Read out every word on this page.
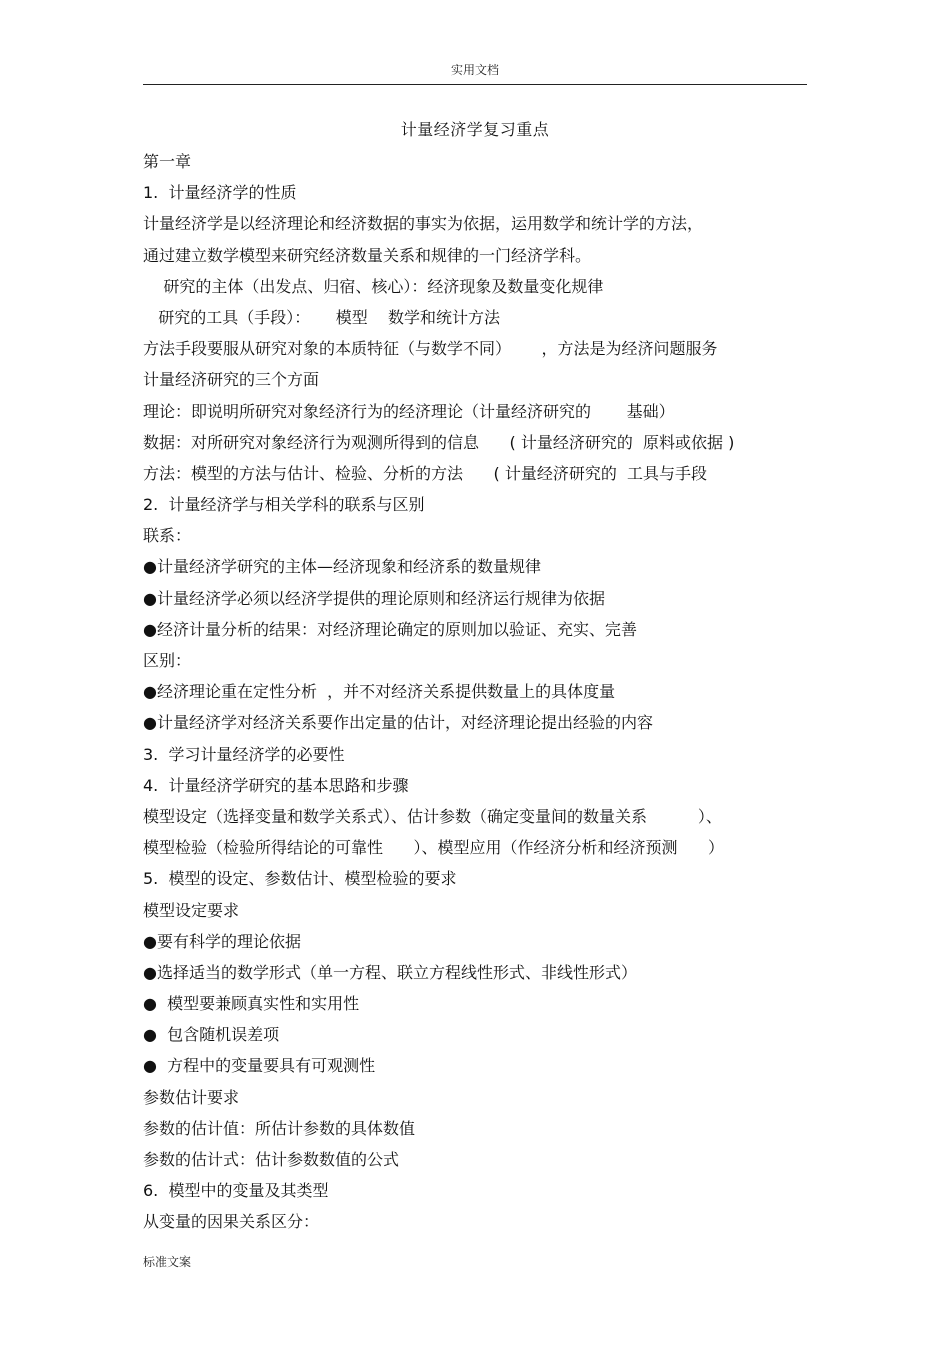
实用文档
计量经济学复习重点
第一章
1.  计量经济学的性质
计量经济学是以经济理论和经济数据的事实为依据，运用数学和统计学的方法，
通过建立数学模型来研究经济数量关系和规律的一门经济学科。
研究的主体（出发点、归宿、核心）：经济现象及数量变化规律
研究的工具（手段）：     模型    数学和统计方法
方法手段要服从研究对象的本质特征（与数学不同）      ，方法是为经济问题服务
计量经济研究的三个方面
理论：即说明所研究对象经济行为的经济理论（计量经济研究的       基础）
数据：对所研究对象经济行为观测所得到的信息      ( 计量经济研究的  原料或依据 )
方法：模型的方法与估计、检验、分析的方法      ( 计量经济研究的  工具与手段
2.  计量经济学与相关学科的联系与区别
联系：
●计量经济学研究的主体—经济现象和经济系的数量规律
●计量经济学必须以经济学提供的理论原则和经济运行规律为依据
●经济计量分析的结果：对经济理论确定的原则加以验证、充实、完善
区别：
●经济理论重在定性分析  ，并不对经济关系提供数量上的具体度量
●计量经济学对经济关系要作出定量的估计，对经济理论提出经验的内容
3.  学习计量经济学的必要性
4.  计量经济学研究的基本思路和步骤
模型设定（选择变量和数学关系式）、估计参数（确定变量间的数量关系          ）、
模型检验（检验所得结论的可靠性      ）、模型应用（作经济分析和经济预测      ）
5.  模型的设定、参数估计、模型检验的要求
模型设定要求
●要有科学的理论依据
●选择适当的数学形式（单一方程、联立方程线性形式、非线性形式）
●  模型要兼顾真实性和实用性
●  包含随机误差项
●  方程中的变量要具有可观测性
参数估计要求
参数的估计值：所估计参数的具体数值
参数的估计式：估计参数数值的公式
6.  模型中的变量及其类型
从变量的因果关系区分：
标准文案
